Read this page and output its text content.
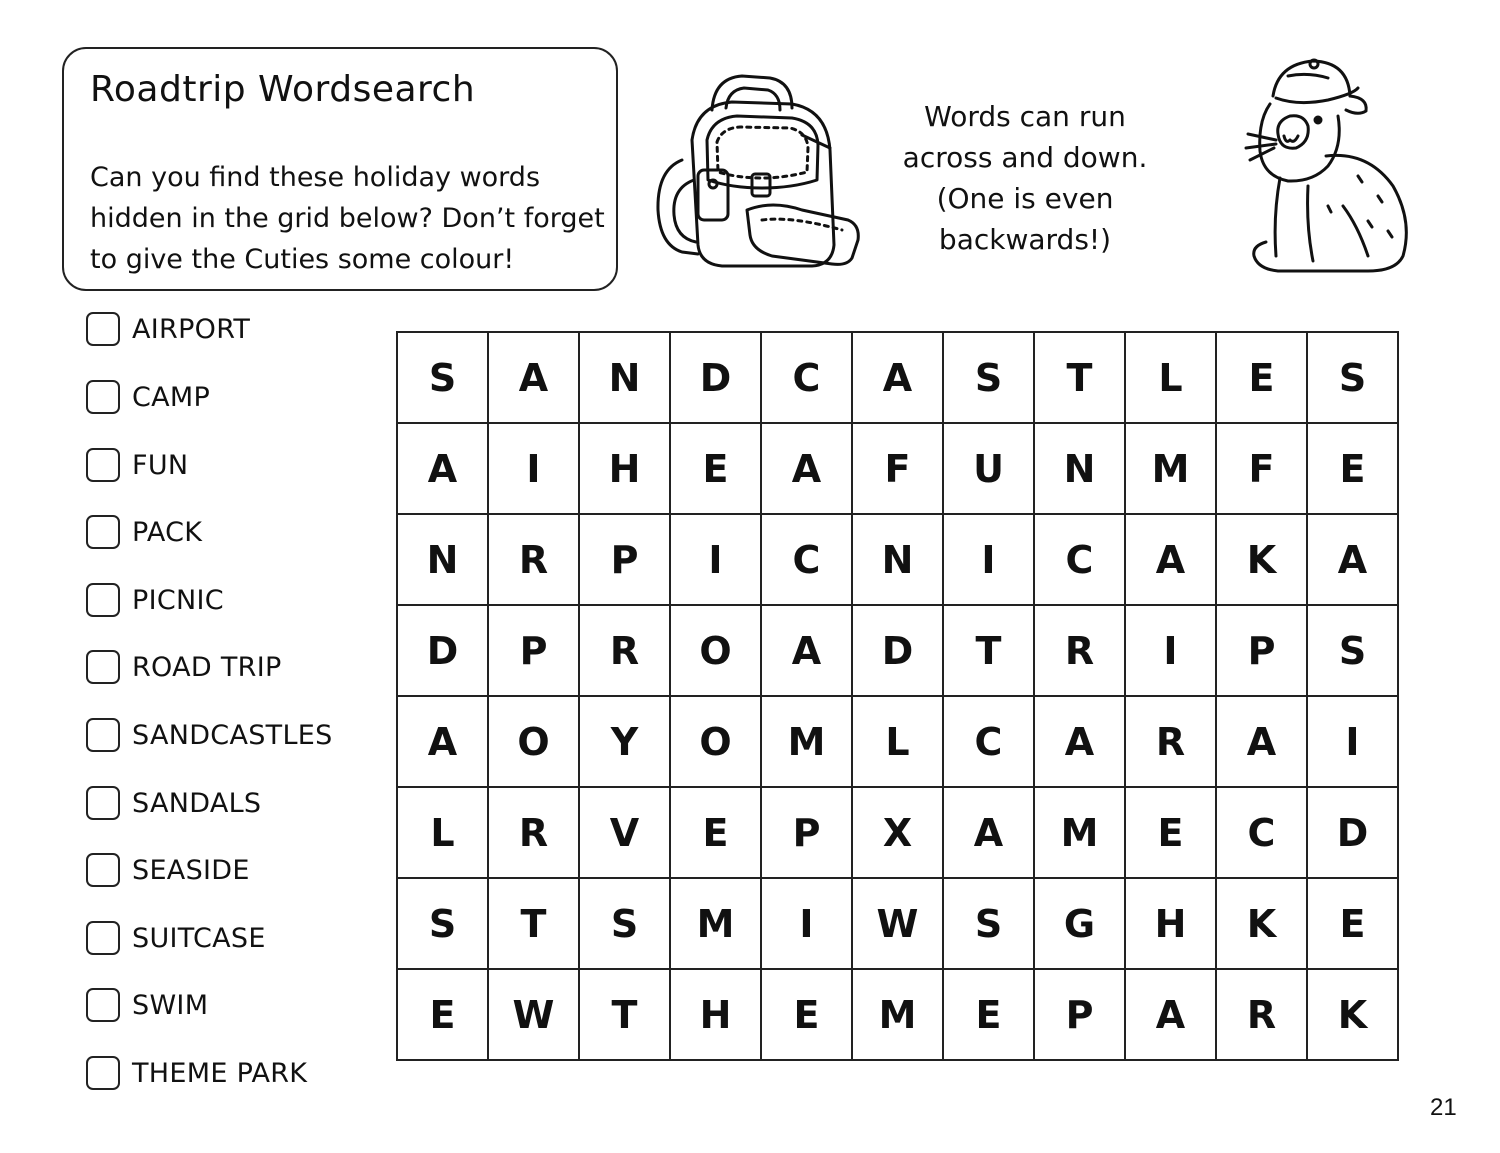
Roadtrip Wordsearch
Can you find these holiday words
hidden in the grid below? Don’t forget
to give the Cuties some colour!
Words can run
across and down.
(One is even
backwards!)
AIRPORT
CAMP
FUN
PACK
PICNIC
ROAD TRIP
SANDCASTLES
SANDALS
SEASIDE
SUITCASE
SWIM
THEME PARK
S	A	N	D	C	A	S	T	L	E	S
A	I	H	E	A	F	U	N	M	F	E
N	R	P	I	C	N	I	C	A	K	A
D	P	R	O	A	D	T	R	I	P	S
A	O	Y	O	M	L	C	A	R	A	I
L	R	V	E	P	X	A	M	E	C	D
S	T	S	M	I	W	S	G	H	K	E
E	W	T	H	E	M	E	P	A	R	K
21
